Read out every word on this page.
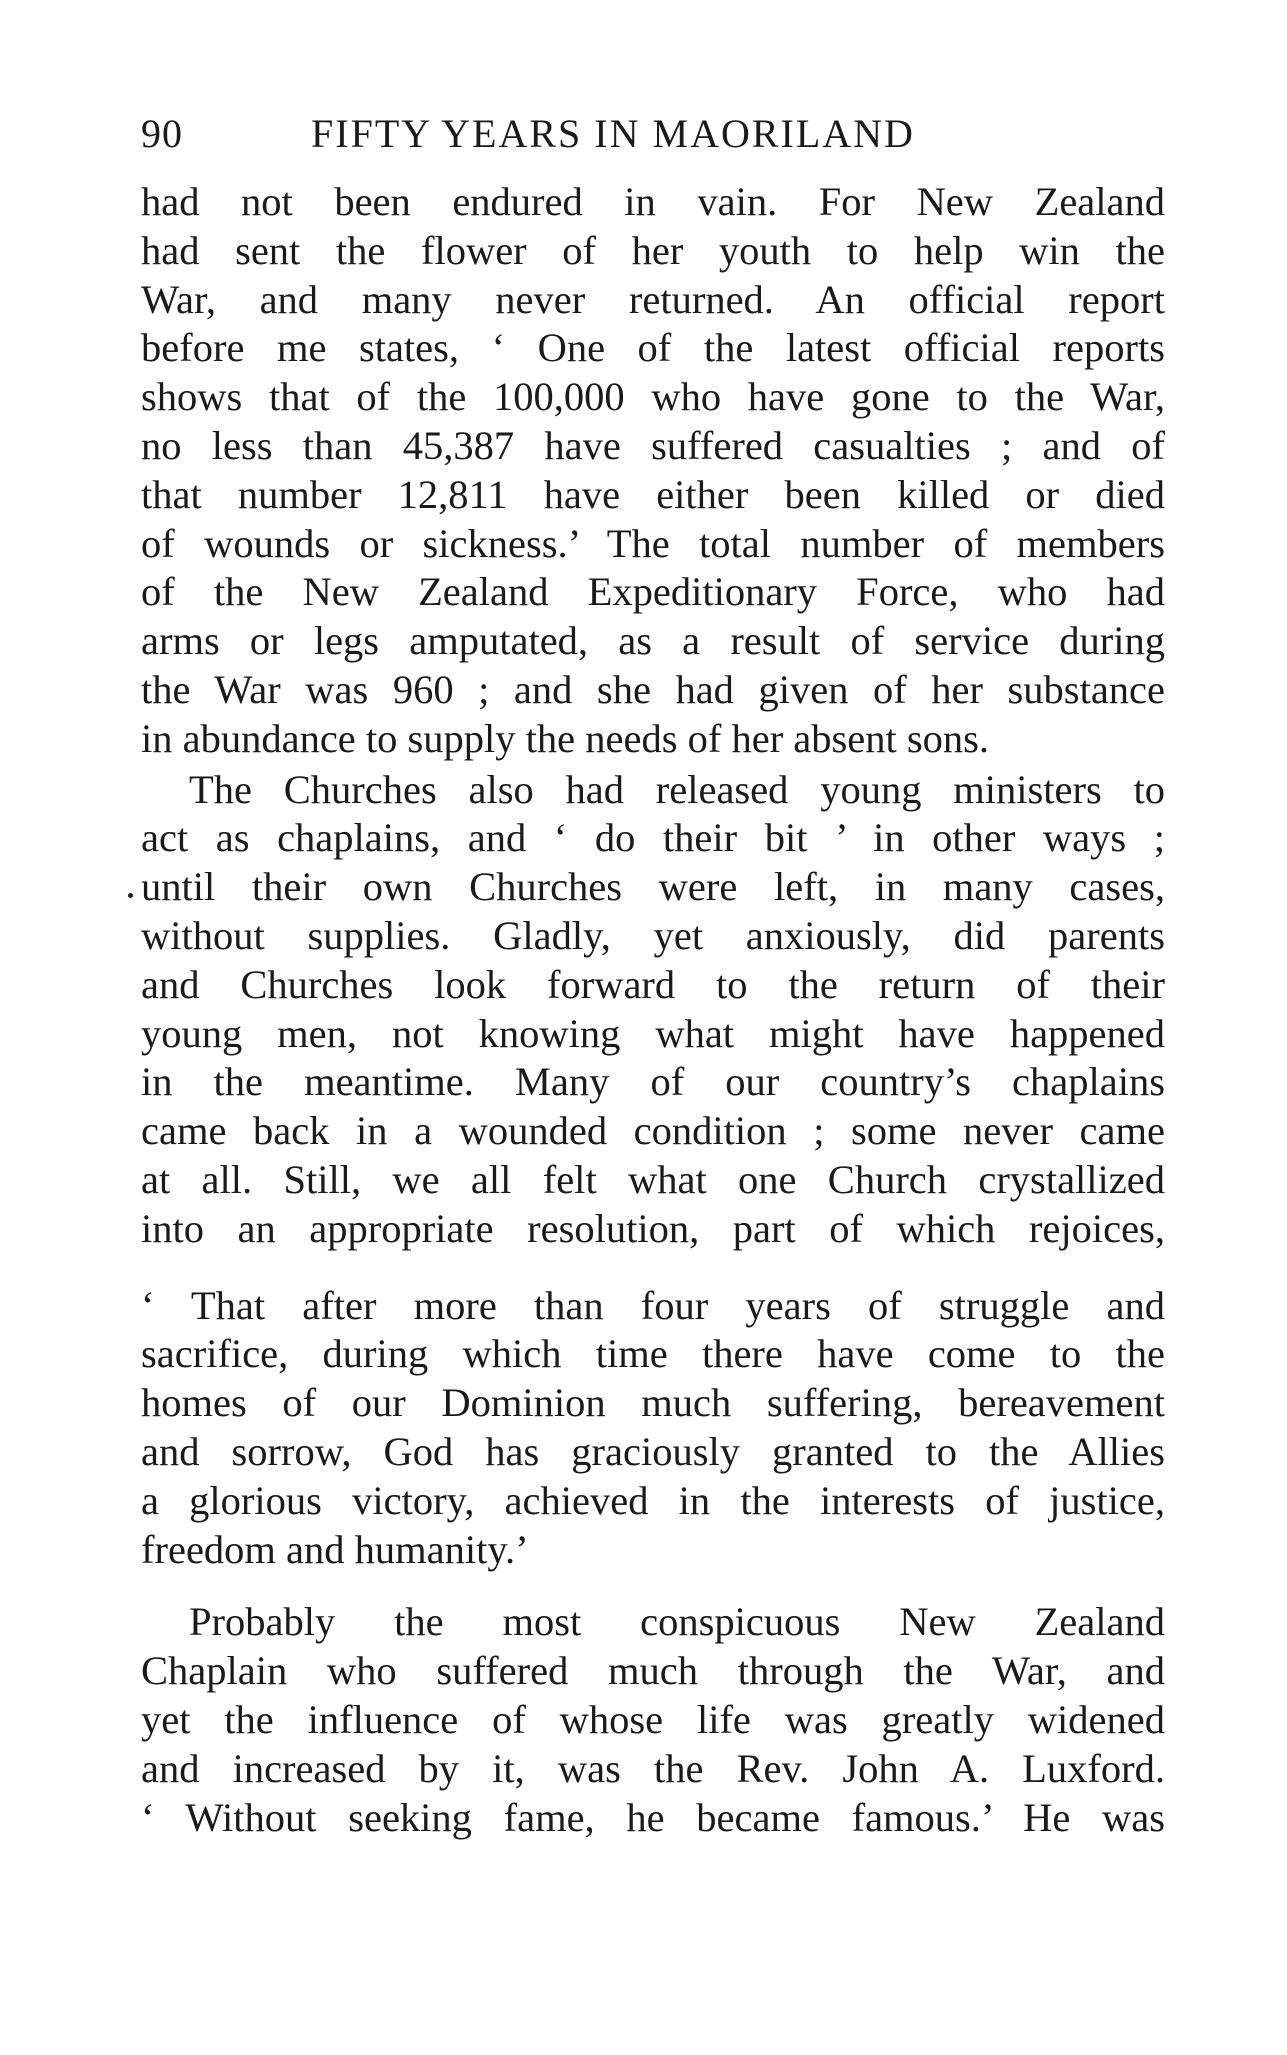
90	FIFTY YEARS IN MAORILAND

had not been endured in vain. For New Zealand
had sent the flower of her youth to help win the
War, and many never returned. An official report
before me states, ‘ One of the latest official reports
shows that of the 100,000 who have gone to the War,
no less than 45,387 have suffered casualties ; and of
that number 12,811 have either been killed or died
of wounds or sickness.’ The total number of members
of the New Zealand Expeditionary Force, who had
arms or legs amputated, as a result of service during
the War was 960 ; and she had given of her substance
in abundance to supply the needs of her absent sons.

The Churches also had released young ministers to
act as chaplains, and ‘ do their bit ’ in other ways ;
until their own Churches were left, in many cases,
without supplies. Gladly, yet anxiously, did parents
and Churches look forward to the return of their
young men, not knowing what might have happened
in the meantime. Many of our country’s chaplains
came back in a wounded condition ; some never came
at all. Still, we all felt what one Church crystallized
into an appropriate resolution, part of which rejoices,

‘ That after more than four years of struggle and
sacrifice, during which time there have come to the
homes of our Dominion much suffering, bereavement
and sorrow, God has graciously granted to the Allies
a glorious victory, achieved in the interests of justice,
freedom and humanity.’

Probably the most conspicuous New Zealand
Chaplain who suffered much through the War, and
yet the influence of whose life was greatly widened
and increased by it, was the Rev. John A. Luxford.
‘ Without seeking fame, he became famous.’ He was
